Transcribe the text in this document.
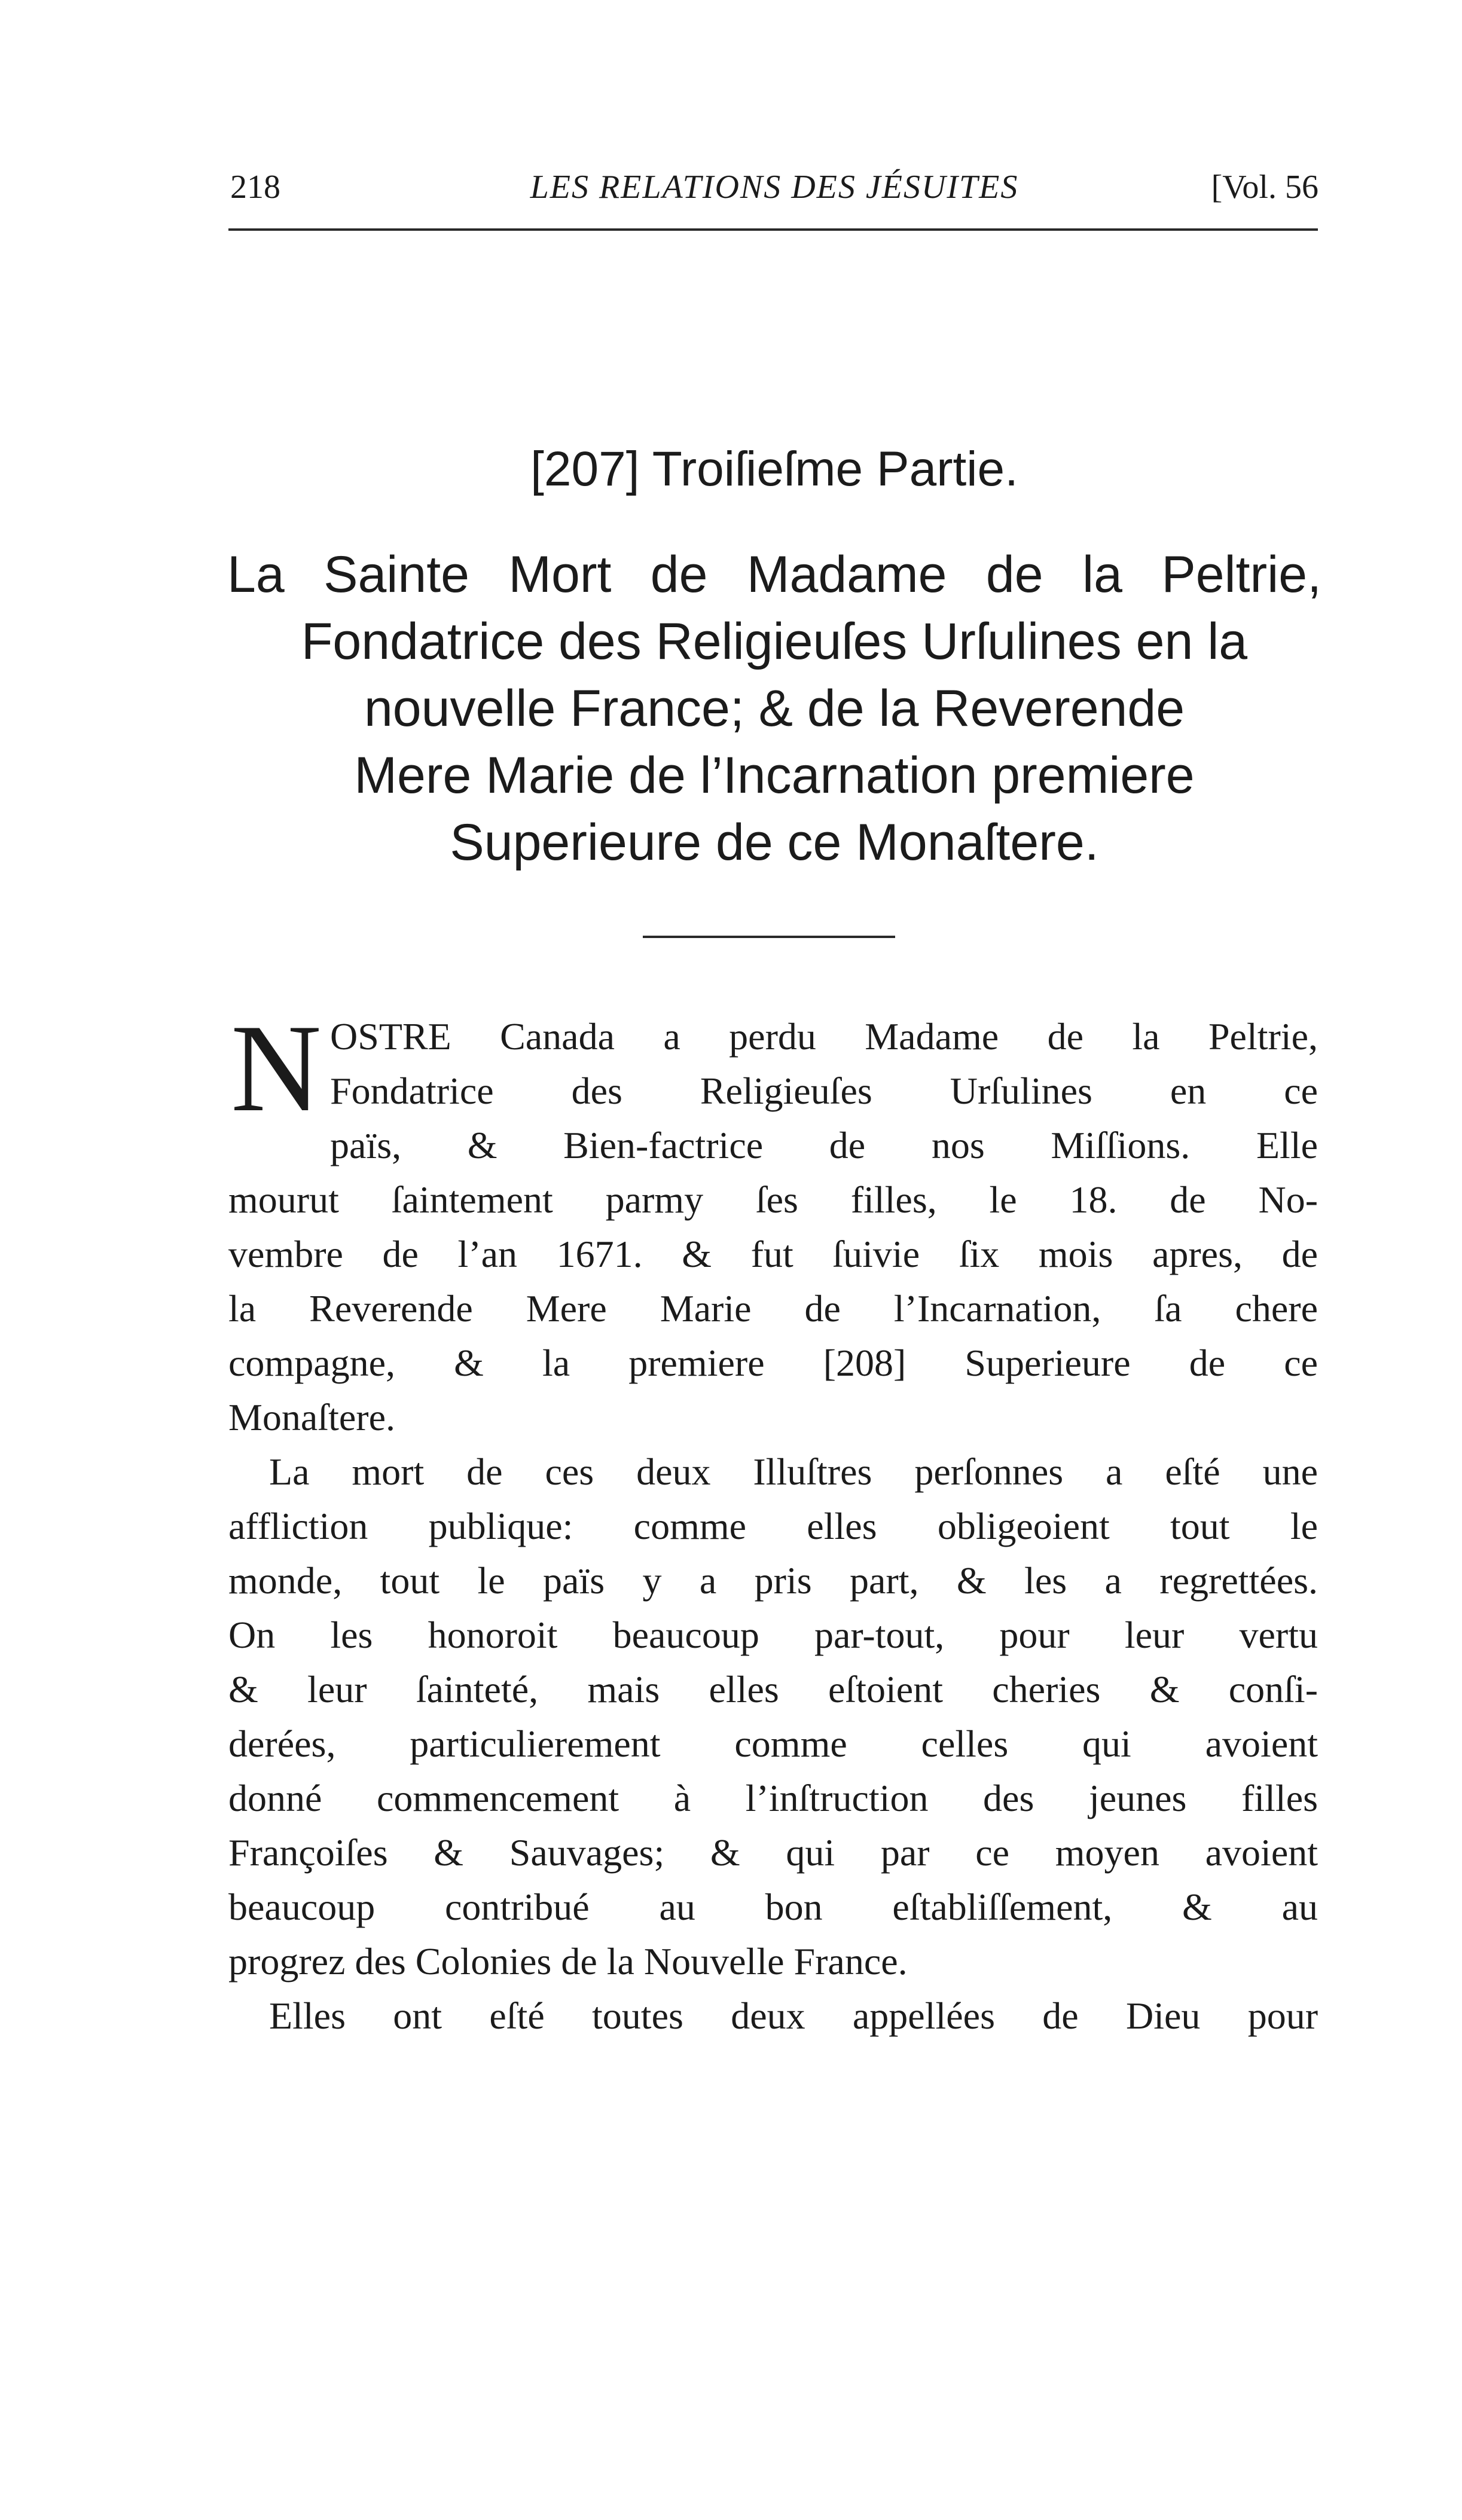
218	LES RELATIONS DES JÉSUITES	[Vol. 56
[207] Troiſieſme Partie.
La Sainte Mort de Madame de la Peltrie,
Fondatrice des Religieuſes Urſulines en la
nouvelle France; & de la Reverende
Mere Marie de l’Incarnation premiere
Superieure de ce Monaſtere.
N OSTRE Canada a perdu Madame de la Peltrie,
Fondatrice des Religieuſes Urſulines en ce
païs, & Bien-factrice de nos Miſſions. Elle
mourut ſaintement parmy ſes filles, le 18. de No-
vembre de l’an 1671. & fut ſuivie ſix mois apres, de
la Reverende Mere Marie de l’Incarnation, ſa chere
compagne, & la premiere [208] Superieure de ce
Monaſtere.
La mort de ces deux Illuſtres perſonnes a eſté une
affliction publique: comme elles obligeoient tout le
monde, tout le païs y a pris part, & les a regrettées.
On les honoroit beaucoup par-tout, pour leur vertu
& leur ſainteté, mais elles eſtoient cheries & conſi-
derées, particulierement comme celles qui avoient
donné commencement à l’inſtruction des jeunes filles
Françoiſes & Sauvages; & qui par ce moyen avoient
beaucoup contribué au bon eſtabliſſement, & au
progrez des Colonies de la Nouvelle France.
Elles ont eſté toutes deux appellées de Dieu pour
